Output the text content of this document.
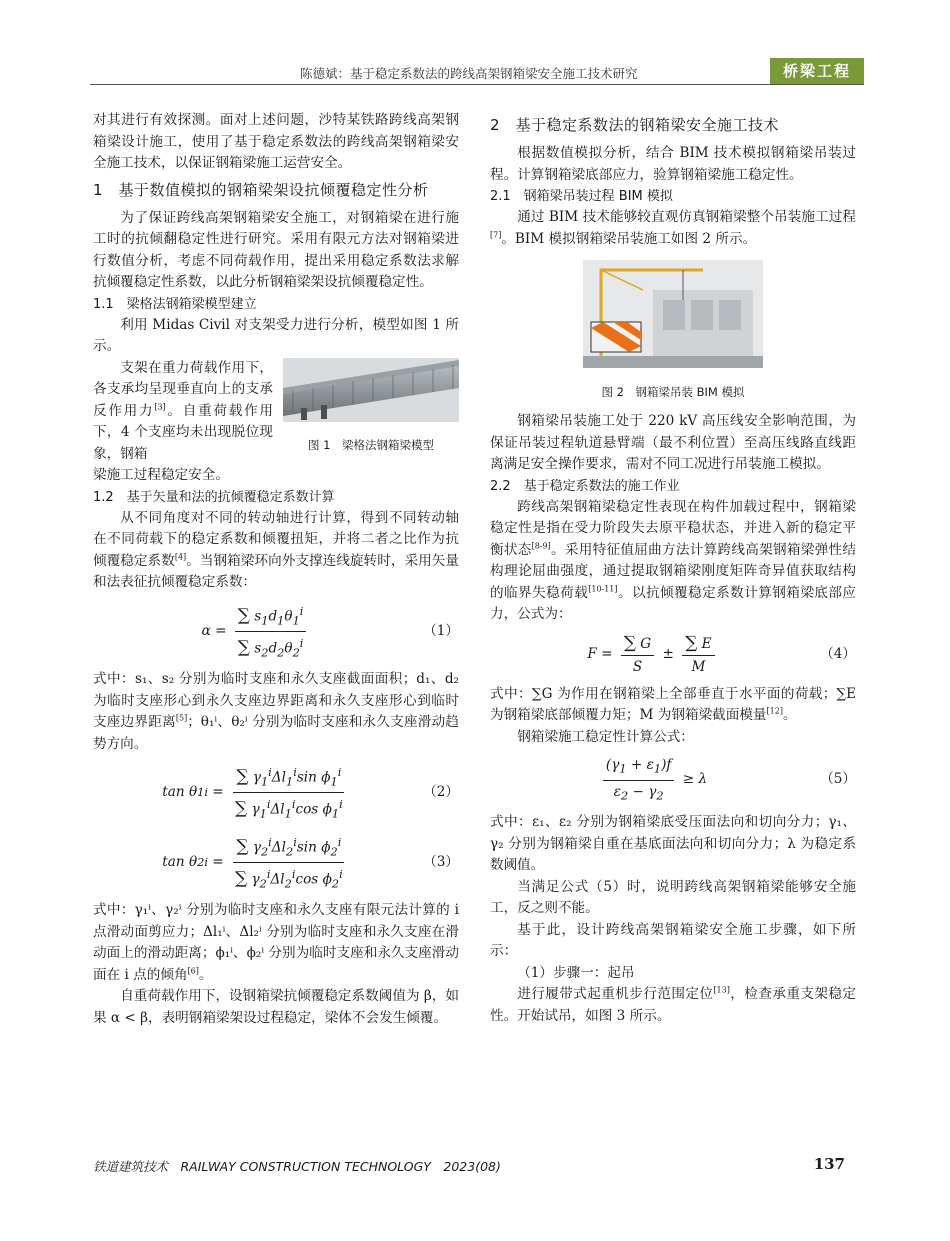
陈德斌：基于稳定系数法的跨线高架钢箱梁安全施工技术研究	桥梁工程

对其进行有效探测。面对上述问题，沙特某铁路跨线高架钢箱梁设计施工，使用了基于稳定系数法的跨线高架钢箱梁安全施工技术，以保证钢箱梁施工运营安全。

1　基于数值模拟的钢箱梁架设抗倾覆稳定性分析

为了保证跨线高架钢箱梁安全施工，对钢箱梁在进行施工时的抗倾翻稳定性进行研究。采用有限元方法对钢箱梁进行数值分析，考虑不同荷载作用，提出采用稳定系数法求解抗倾覆稳定性系数，以此分析钢箱梁架设抗倾覆稳定性。

1.1　梁格法钢箱梁模型建立

利用 Midas Civil 对支架受力进行分析，模型如图 1 所示。

支架在重力荷载作用下，各支承均呈现垂直向上的支承反作用力[3]。自重荷载作用下，4 个支座均未出现脱位现象，钢箱

图 1　梁格法钢箱梁模型

梁施工过程稳定安全。

1.2　基于矢量和法的抗倾覆稳定系数计算

从不同角度对不同的转动轴进行计算，得到不同转动轴在不同荷载下的稳定系数和倾覆扭矩，并将二者之比作为抗倾覆稳定系数[4]。当钢箱梁环向外支撑连线旋转时，采用矢量和法表征抗倾覆稳定系数：

$\alpha = \frac{\sum s_1d_1\theta_1^i}{\sum s_2d_2\theta_2^i}$	（1）

式中：s₁、s₂ 分别为临时支座和永久支座截面面积；d₁、d₂ 为临时支座形心到永久支座边界距离和永久支座形心到临时支座边界距离[5]；θ₁ⁱ、θ₂ⁱ 分别为临时支座和永久支座滑动趋势方向。

tan θ 1 $i = \frac{\sum \gamma_1^i\Delta l_1^i\sin \phi_1^i}{\sum \gamma_1^i\Delta l_1^i\cos \phi_1^i}$	（2）
tan θ 2 $i = \frac{\sum \gamma_2^i\Delta l_2^i\sin \phi_2^i}{\sum \gamma_2^i\Delta l_2^i\cos \phi_2^i}$	（3）

式中：γ₁ⁱ、γ₂ⁱ 分别为临时支座和永久支座有限元法计算的 i 点滑动面剪应力；Δl₁ⁱ、Δl₂ⁱ 分别为临时支座和永久支座在滑动面上的滑动距离；ϕ₁ⁱ、ϕ₂ⁱ 分别为临时支座和永久支座滑动面在 i 点的倾角[6]。

自重荷载作用下，设钢箱梁抗倾覆稳定系数阈值为 β，如果 α < β，表明钢箱梁架设过程稳定，梁体不会发生倾覆。

2　基于稳定系数法的钢箱梁安全施工技术

根据数值模拟分析，结合 BIM 技术模拟钢箱梁吊装过程。计算钢箱梁底部应力，验算钢箱梁施工稳定性。

2.1　钢箱梁吊装过程 BIM 模拟

通过 BIM 技术能够较直观仿真钢箱梁整个吊装施工过程[7]。BIM 模拟钢箱梁吊装施工如图 2 所示。

图 2　钢箱梁吊装 BIM 模拟

钢箱梁吊装施工处于 220 kV 高压线安全影响范围，为保证吊装过程轨道悬臂端（最不利位置）至高压线路直线距离满足安全操作要求，需对不同工况进行吊装施工模拟。

2.2　基于稳定系数法的施工作业

跨线高架钢箱梁稳定性表现在构件加载过程中，钢箱梁稳定性是指在受力阶段失去原平稳状态，并进入新的稳定平衡状态[8-9]。采用特征值屈曲方法计算跨线高架钢箱梁弹性结构理论屈曲强度，通过提取钢箱梁刚度矩阵奇异值获取结构的临界失稳荷载[10-11]。以抗倾覆稳定系数计算钢箱梁底部应力，公式为：

$F = \frac{\sum G}{S} \pm \frac{\sum E}{M}$	（4）

式中：∑G 为作用在钢箱梁上全部垂直于水平面的荷载；∑E 为钢箱梁底部倾覆力矩；M 为钢箱梁截面模量[12]。

钢箱梁施工稳定性计算公式：

$\frac{(\gamma_1 + \varepsilon_1)f}{\varepsilon_2 - \gamma_2} \ge \lambda$	（5）

式中：ε₁、ε₂ 分别为钢箱梁底受压面法向和切向分力；γ₁、γ₂ 分别为钢箱梁自重在基底面法向和切向分力；λ 为稳定系数阈值。

当满足公式（5）时，说明跨线高架钢箱梁能够安全施工，反之则不能。

基于此，设计跨线高架钢箱梁安全施工步骤，如下所示：

（1）步骤一：起吊

进行履带式起重机步行范围定位[13]，检查承重支架稳定性。开始试吊，如图 3 所示。

铁道建筑技术　RAILWAY CONSTRUCTION TECHNOLOGY　2023(08)	137
